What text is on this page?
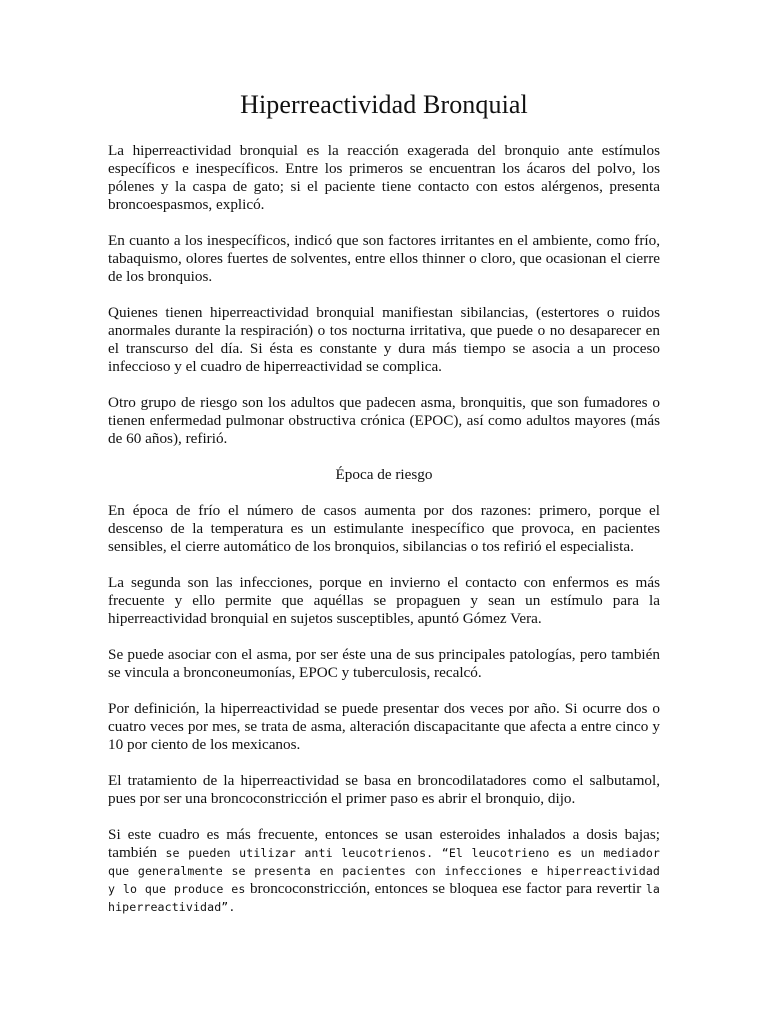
Hiperreactividad Bronquial

La hiperreactividad bronquial es la reacción exagerada del bronquio ante estímulos específicos e inespecíficos. Entre los primeros se encuentran los ácaros del polvo, los pólenes y la caspa de gato; si el paciente tiene contacto con estos alérgenos, presenta broncoespasmos, explicó.

En cuanto a los inespecíficos, indicó que son factores irritantes en el ambiente, como frío, tabaquismo, olores fuertes de solventes, entre ellos thinner o cloro, que ocasionan el cierre de los bronquios.

Quienes tienen hiperreactividad bronquial manifiestan sibilancias, (estertores o ruidos anormales durante la respiración) o tos nocturna irritativa, que puede o no desaparecer en el transcurso del día. Si ésta es constante y dura más tiempo se asocia a un proceso infeccioso y el cuadro de hiperreactividad se complica.

Otro grupo de riesgo son los adultos que padecen asma, bronquitis, que son fumadores o tienen enfermedad pulmonar obstructiva crónica (EPOC), así como adultos mayores (más de 60 años), refirió.

Época de riesgo

En época de frío el número de casos aumenta por dos razones: primero, porque el descenso de la temperatura es un estimulante inespecífico que provoca, en pacientes sensibles, el cierre automático de los bronquios, sibilancias o tos refirió el especialista.

La segunda son las infecciones, porque en invierno el contacto con enfermos es más frecuente y ello permite que aquéllas se propaguen y sean un estímulo para la hiperreactividad bronquial en sujetos susceptibles, apuntó Gómez Vera.

Se puede asociar con el asma, por ser éste una de sus principales patologías, pero también se vincula a bronconeumonías, EPOC y tuberculosis, recalcó.

Por definición, la hiperreactividad se puede presentar dos veces por año. Si ocurre dos o cuatro veces por mes, se trata de asma, alteración discapacitante que afecta a entre cinco y 10 por ciento de los mexicanos.

El tratamiento de la hiperreactividad se basa en broncodilatadores como el salbutamol, pues por ser una broncoconstricción el primer paso es abrir el bronquio, dijo.

Si este cuadro es más frecuente, entonces se usan esteroides inhalados a dosis bajas; también se pueden utilizar anti leucotrienos. “El leucotrieno es un mediador que generalmente se presenta en pacientes con infecciones e hiperreactividad y lo que produce es broncoconstricción, entonces se bloquea ese factor para revertir la hiperreactividad”.
